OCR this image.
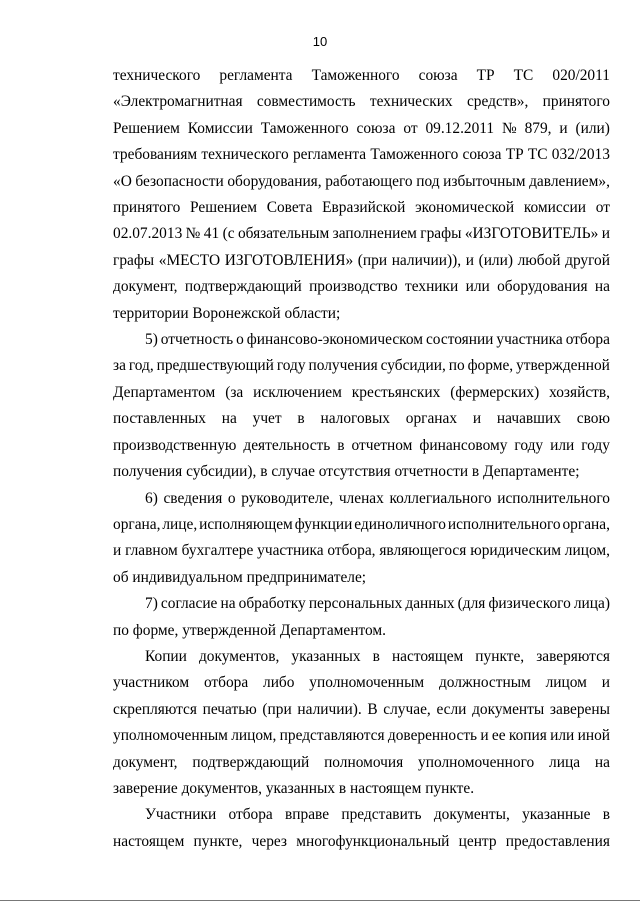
10
технического регламента Таможенного союза ТР ТС 020/2011
«Электромагнитная совместимость технических средств», принятого
Решением Комиссии Таможенного союза от 09.12.2011 № 879, и (или)
требованиям технического регламента Таможенного союза ТР ТС 032/2013
«О безопасности оборудования, работающего под избыточным давлением»,
принятого Решением Совета Евразийской экономической комиссии от
02.07.2013 № 41 (с обязательным заполнением графы «ИЗГОТОВИТЕЛЬ» и
графы «МЕСТО ИЗГОТОВЛЕНИЯ» (при наличии)), и (или) любой другой
документ, подтверждающий производство техники или оборудования на
территории Воронежской области;
5) отчетность о финансово-экономическом состоянии участника отбора
за год, предшествующий году получения субсидии, по форме, утвержденной
Департаментом (за исключением крестьянских (фермерских) хозяйств,
поставленных на учет в налоговых органах и начавших свою
производственную деятельность в отчетном финансовому году или году
получения субсидии), в случае отсутствия отчетности в Департаменте;
6) сведения о руководителе, членах коллегиального исполнительного
органа, лице, исполняющем функции единоличного исполнительного органа,
и главном бухгалтере участника отбора, являющегося юридическим лицом,
об индивидуальном предпринимателе;
7) согласие на обработку персональных данных (для физического лица)
по форме, утвержденной Департаментом.
Копии документов, указанных в настоящем пункте, заверяются
участником отбора либо уполномоченным должностным лицом и
скрепляются печатью (при наличии). В случае, если документы заверены
уполномоченным лицом, представляются доверенность и ее копия или иной
документ, подтверждающий полномочия уполномоченного лица на
заверение документов, указанных в настоящем пункте.
Участники отбора вправе представить документы, указанные в
настоящем пункте, через многофункциональный центр предоставления
